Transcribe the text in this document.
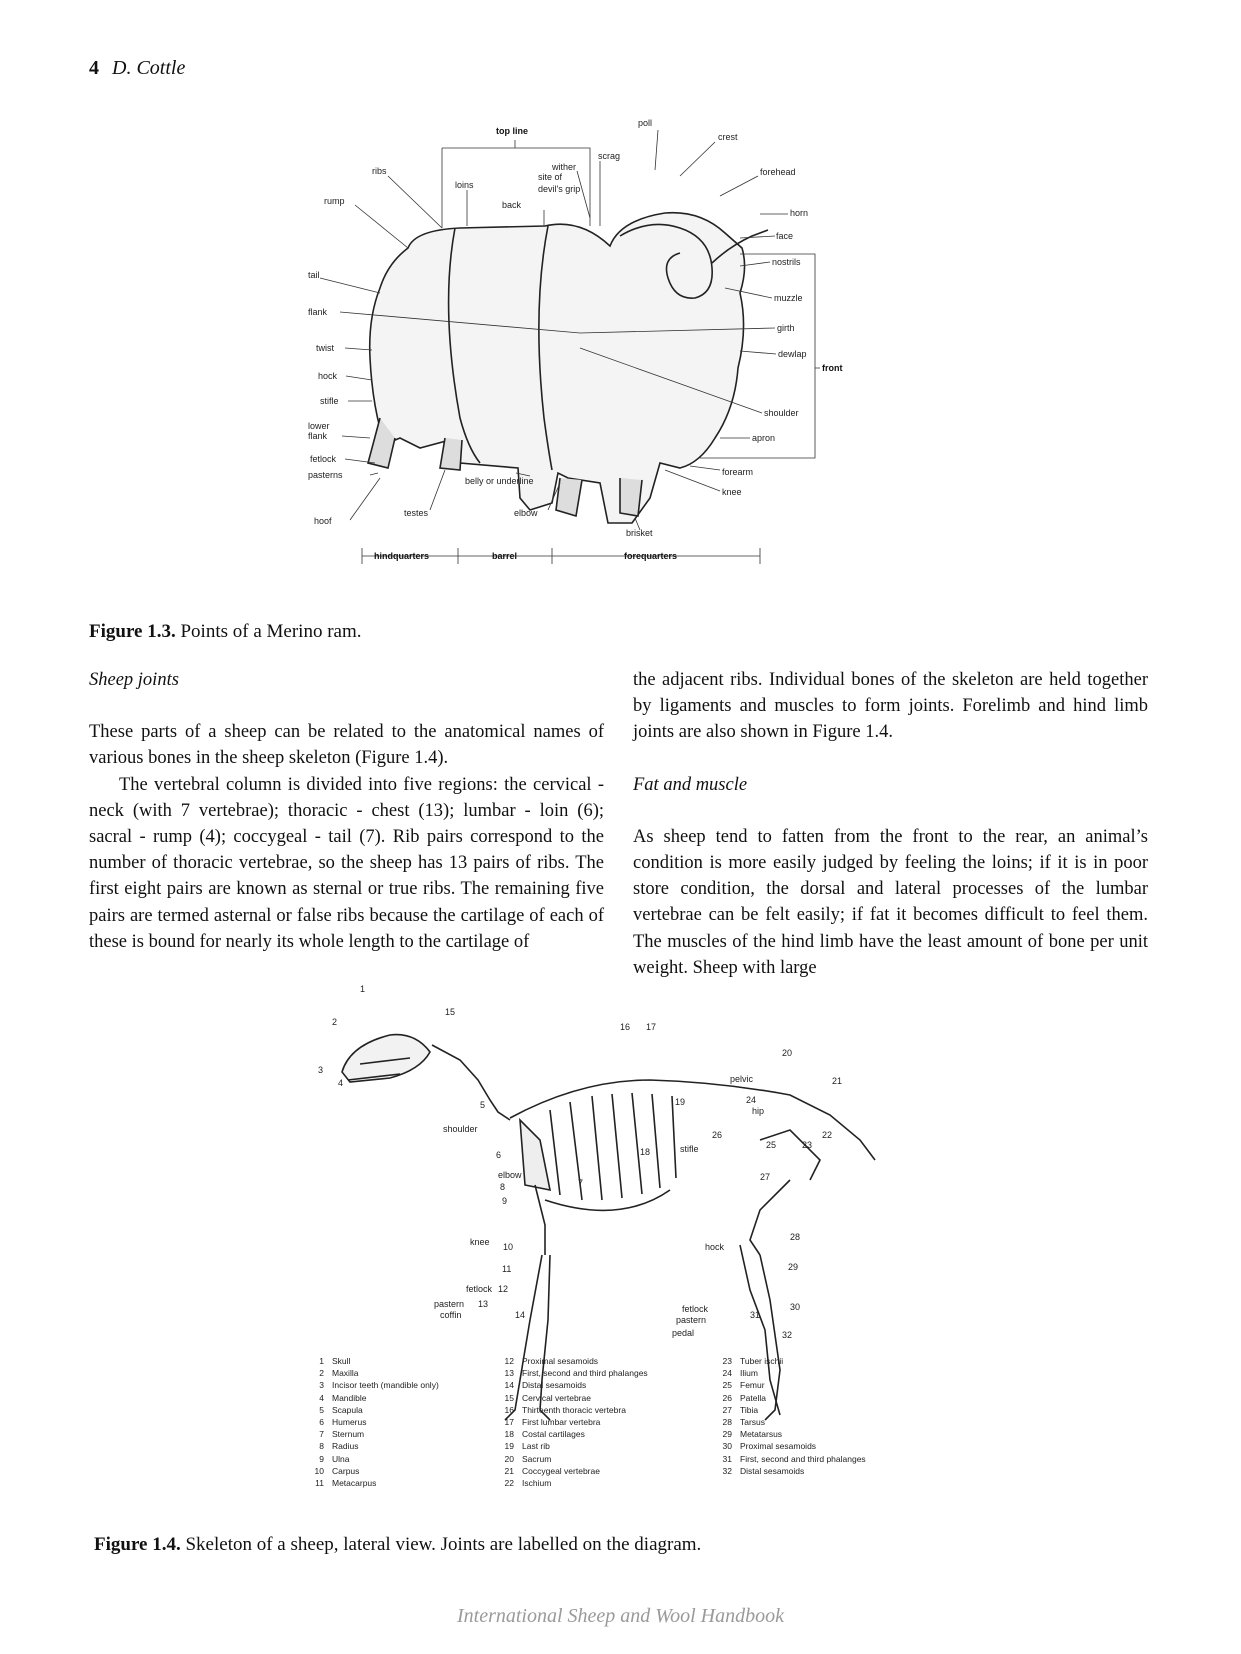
4 D. Cottle
top line
poll
crest
scrag
wither
site of
devil's grip
back
loins
ribs
rump
forehead
horn
face
nostrils
tail
muzzle
flank
girth
twist
dewlap
front
hock
stifle
shoulder
lower
flank	apron
fetlock
pasterns	forearm
belly or underline
knee
testes	elbow
hoof
brisket
hindquarters	barrel	forequarters
Figure 1.3. Points of a Merino ram.
Sheep joints

These parts of a sheep can be related to the anatomical names of various bones in the sheep skeleton (Figure 1.4).

The vertebral column is divided into five regions: the cervical - neck (with 7 vertebrae); thoracic - chest (13); lumbar - loin (6); sacral - rump (4); coccygeal - tail (7). Rib pairs correspond to the number of thoracic vertebrae, so the sheep has 13 pairs of ribs. The first eight pairs are known as sternal or true ribs. The remaining five pairs are termed asternal or false ribs because the cartilage of each of these is bound for nearly its whole length to the cartilage of

the adjacent ribs. Individual bones of the skeleton are held together by ligaments and muscles to form joints. Forelimb and hind limb joints are also shown in Figure 1.4.

Fat and muscle

As sheep tend to fatten from the front to the rear, an animal’s condition is more easily judged by feeling the loins; if it is in poor store condition, the dorsal and lateral processes of the lumbar vertebrae can be felt easily; if fat it becomes difficult to feel them. The muscles of the hind limb have the least amount of bone per unit weight. Sheep with large

1
2
3
4
15
5
shoulder
6
elbow
8
9
7
16 17
19
18	stifle
20
pelvic	21
24
hip
26
25	23
22
27
knee 10
11
fetlock 12
pastern 13
14
coffin
hock
28
29
fetlock
pastern
pedal
31
30
32
1 Skull
2 Maxilla
3 Incisor teeth (mandible only)
4 Mandible
5 Scapula
6 Humerus
7 Sternum
8 Radius
9 Ulna
10 Carpus
11 Metacarpus
12 Proximal sesamoids
13 First, second and third phalanges
14 Distal sesamoids
15 Cervical vertebrae
16 Thirteenth thoracic vertebra
17 First lumbar vertebra
18 Costal cartilages
19 Last rib
20 Sacrum
21 Coccygeal vertebrae
22 Ischium
23 Tuber ischii
24 Ilium
25 Femur
26 Patella
27 Tibia
28 Tarsus
29 Metatarsus
30 Proximal sesamoids
31 First, second and third phalanges
32 Distal sesamoids
Figure 1.4. Skeleton of a sheep, lateral view. Joints are labelled on the diagram.
International Sheep and Wool Handbook
